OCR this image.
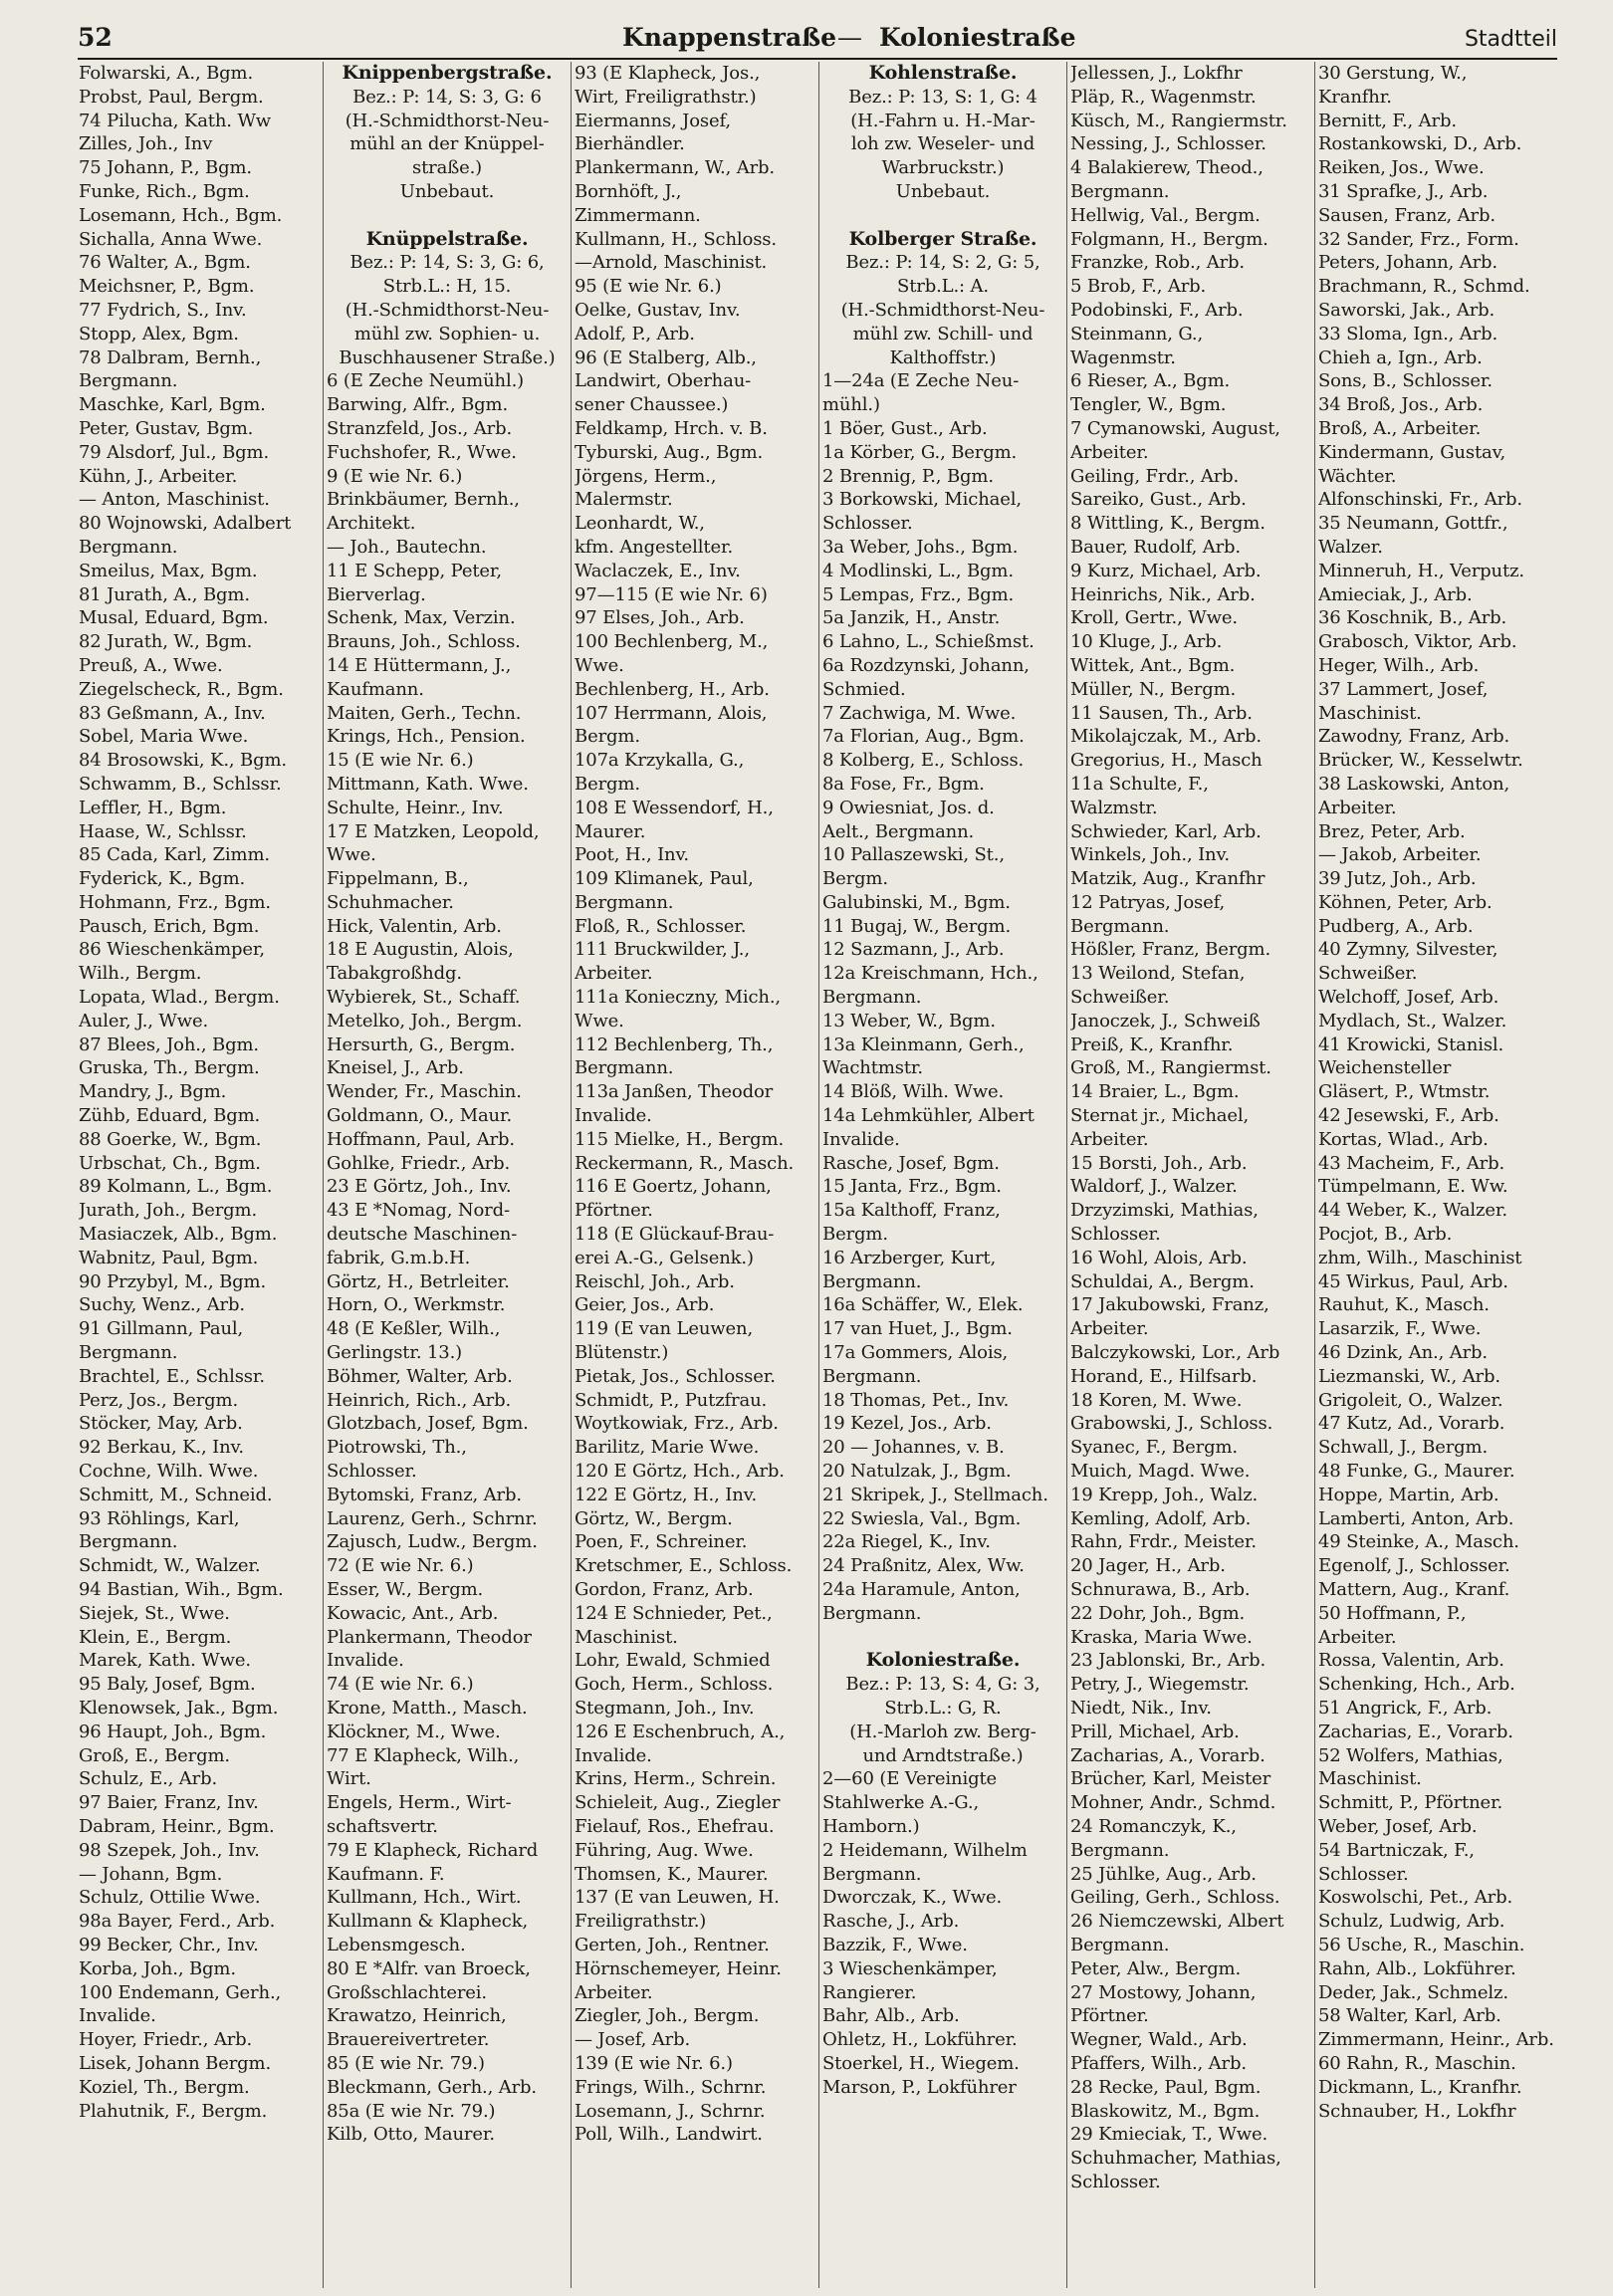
52	Knappenstraße — Koloniestraße	Stadtteil
Folwarski, A., Bgm.
Probst, Paul, Bergm.
74 Pilucha, Kath. Ww
Zilles, Joh., Inv
75 Johann, P., Bgm.
Funke, Rich., Bgm.
Losemann, Hch., Bgm.
Sichalla, Anna Wwe.
76 Walter, A., Bgm.
Meichsner, P., Bgm.
77 Fydrich, S., Inv.
Stopp, Alex, Bgm.
78 Dalbram, Bernh.,
Bergmann.
Maschke, Karl, Bgm.
Peter, Gustav, Bgm.
79 Alsdorf, Jul., Bgm.
Kühn, J., Arbeiter.
— Anton, Maschinist.
80 Wojnowski, Adalbert
Bergmann.
Smeilus, Max, Bgm.
81 Jurath, A., Bgm.
Musal, Eduard, Bgm.
82 Jurath, W., Bgm.
Preuß, A., Wwe.
Ziegelscheck, R., Bgm.
83 Geßmann, A., Inv.
Sobel, Maria Wwe.
84 Brosowski, K., Bgm.
Schwamm, B., Schlssr.
Leffler, H., Bgm.
Haase, W., Schlssr.
85 Cada, Karl, Zimm.
Fyderick, K., Bgm.
Hohmann, Frz., Bgm.
Pausch, Erich, Bgm.
86 Wieschenkämper,
Wilh., Bergm.
Lopata, Wlad., Bergm.
Auler, J., Wwe.
87 Blees, Joh., Bgm.
Gruska, Th., Bergm.
Mandry, J., Bgm.
Zühb, Eduard, Bgm.
88 Goerke, W., Bgm.
Urbschat, Ch., Bgm.
89 Kolmann, L., Bgm.
Jurath, Joh., Bergm.
Masiaczek, Alb., Bgm.
Wabnitz, Paul, Bgm.
90 Przybyl, M., Bgm.
Suchy, Wenz., Arb.
91 Gillmann, Paul,
Bergmann.
Brachtel, E., Schlssr.
Perz, Jos., Bergm.
Stöcker, May, Arb.
92 Berkau, K., Inv.
Cochne, Wilh. Wwe.
Schmitt, M., Schneid.
93 Röhlings, Karl,
Bergmann.
Schmidt, W., Walzer.
94 Bastian, Wih., Bgm.
Siejek, St., Wwe.
Klein, E., Bergm.
Marek, Kath. Wwe.
95 Baly, Josef, Bgm.
Klenowsek, Jak., Bgm.
96 Haupt, Joh., Bgm.
Groß, E., Bergm.
Schulz, E., Arb.
97 Baier, Franz, Inv.
Dabram, Heinr., Bgm.
98 Szepek, Joh., Inv.
— Johann, Bgm.
Schulz, Ottilie Wwe.
98a Bayer, Ferd., Arb.
99 Becker, Chr., Inv.
Korba, Joh., Bgm.
100 Endemann, Gerh.,
Invalide.
Hoyer, Friedr., Arb.
Lisek, Johann Bergm.
Koziel, Th., Bergm.
Plahutnik, F., Bergm.
Knippenbergstraße.
Bez.: P: 14, S: 3, G: 6
(H.-Schmidthorst-Neu-
mühl an der Knüppel-
straße.)
Unbebaut.
Knüppelstraße.
Bez.: P: 14, S: 3, G: 6,
Strb.L.: H, 15.
(H.-Schmidthorst-Neu-
mühl zw. Sophien- u.
Buschhausener Straße.)
6 (E Zeche Neumühl.)
Barwing, Alfr., Bgm.
Stranzfeld, Jos., Arb.
Fuchshofer, R., Wwe.
9 (E wie Nr. 6.)
Brinkbäumer, Bernh.,
Architekt.
— Joh., Bautechn.
11 E Schepp, Peter,
Bierverlag.
Schenk, Max, Verzin.
Brauns, Joh., Schloss.
14 E Hüttermann, J.,
Kaufmann.
Maiten, Gerh., Techn.
Krings, Hch., Pension.
15 (E wie Nr. 6.)
Mittmann, Kath. Wwe.
Schulte, Heinr., Inv.
17 E Matzken, Leopold,
Wwe.
Fippelmann, B.,
Schuhmacher.
Hick, Valentin, Arb.
18 E Augustin, Alois,
Tabakgroßhdg.
Wybierek, St., Schaff.
Metelko, Joh., Bergm.
Hersurth, G., Bergm.
Kneisel, J., Arb.
Wender, Fr., Maschin.
Goldmann, O., Maur.
Hoffmann, Paul, Arb.
Gohlke, Friedr., Arb.
23 E Görtz, Joh., Inv.
43 E *Nomag, Nord-
deutsche Maschinen-
fabrik, G.m.b.H.
Görtz, H., Betrleiter.
Horn, O., Werkmstr.
48 (E Keßler, Wilh.,
Gerlingstr. 13.)
Böhmer, Walter, Arb.
Heinrich, Rich., Arb.
Glotzbach, Josef, Bgm.
Piotrowski, Th.,
Schlosser.
Bytomski, Franz, Arb.
Laurenz, Gerh., Schrnr.
Zajusch, Ludw., Bergm.
72 (E wie Nr. 6.)
Esser, W., Bergm.
Kowacic, Ant., Arb.
Plankermann, Theodor
Invalide.
74 (E wie Nr. 6.)
Krone, Matth., Masch.
Klöckner, M., Wwe.
77 E Klapheck, Wilh.,
Wirt.
Engels, Herm., Wirt-
schaftsvertr.
79 E Klapheck, Richard
Kaufmann. F.
Kullmann, Hch., Wirt.
Kullmann & Klapheck,
Lebensmgesch.
80 E *Alfr. van Broeck,
Großschlachterei.
Krawatzo, Heinrich,
Brauereivertreter.
85 (E wie Nr. 79.)
Bleckmann, Gerh., Arb.
85a (E wie Nr. 79.)
Kilb, Otto, Maurer.
93 (E Klapheck, Jos.,
Wirt, Freiligrathstr.)
Eiermanns, Josef,
Bierhändler.
Plankermann, W., Arb.
Bornhöft, J.,
Zimmermann.
Kullmann, H., Schloss.
—Arnold, Maschinist.
95 (E wie Nr. 6.)
Oelke, Gustav, Inv.
Adolf, P., Arb.
96 (E Stalberg, Alb.,
Landwirt, Oberhau-
sener Chaussee.)
Feldkamp, Hrch. v. B.
Tyburski, Aug., Bgm.
Jörgens, Herm.,
Malermstr.
Leonhardt, W.,
kfm. Angestellter.
Waclaczek, E., Inv.
97—115 (E wie Nr. 6)
97 Elses, Joh., Arb.
100 Bechlenberg, M.,
Wwe.
Bechlenberg, H., Arb.
107 Herrmann, Alois,
Bergm.
107a Krzykalla, G.,
Bergm.
108 E Wessendorf, H.,
Maurer.
Poot, H., Inv.
109 Klimanek, Paul,
Bergmann.
Floß, R., Schlosser.
111 Bruckwilder, J.,
Arbeiter.
111a Konieczny, Mich.,
Wwe.
112 Bechlenberg, Th.,
Bergmann.
113a Janßen, Theodor
Invalide.
115 Mielke, H., Bergm.
Reckermann, R., Masch.
116 E Goertz, Johann,
Pförtner.
118 (E Glückauf-Brau-
erei A.-G., Gelsenk.)
Reischl, Joh., Arb.
Geier, Jos., Arb.
119 (E van Leuwen,
Blütenstr.)
Pietak, Jos., Schlosser.
Schmidt, P., Putzfrau.
Woytkowiak, Frz., Arb.
Barilitz, Marie Wwe.
120 E Görtz, Hch., Arb.
122 E Görtz, H., Inv.
Görtz, W., Bergm.
Poen, F., Schreiner.
Kretschmer, E., Schloss.
Gordon, Franz, Arb.
124 E Schnieder, Pet.,
Maschinist.
Lohr, Ewald, Schmied
Goch, Herm., Schloss.
Stegmann, Joh., Inv.
126 E Eschenbruch, A.,
Invalide.
Krins, Herm., Schrein.
Schieleit, Aug., Ziegler
Fielauf, Ros., Ehefrau.
Führing, Aug. Wwe.
Thomsen, K., Maurer.
137 (E van Leuwen, H.
Freiligrathstr.)
Gerten, Joh., Rentner.
Hörnschemeyer, Heinr.
Arbeiter.
Ziegler, Joh., Bergm.
— Josef, Arb.
139 (E wie Nr. 6.)
Frings, Wilh., Schrnr.
Losemann, J., Schrnr.
Poll, Wilh., Landwirt.
Kohlenstraße.
Bez.: P: 13, S: 1, G: 4
(H.-Fahrn u. H.-Mar-
loh zw. Weseler- und
Warbruckstr.)
Unbebaut.
Kolberger Straße.
Bez.: P: 14, S: 2, G: 5,
Strb.L.: A.
(H.-Schmidthorst-Neu-
mühl zw. Schill- und
Kalthoffstr.)
1—24a (E Zeche Neu-
mühl.)
1 Böer, Gust., Arb.
1a Körber, G., Bergm.
2 Brennig, P., Bgm.
3 Borkowski, Michael,
Schlosser.
3a Weber, Johs., Bgm.
4 Modlinski, L., Bgm.
5 Lempas, Frz., Bgm.
5a Janzik, H., Anstr.
6 Lahno, L., Schießmst.
6a Rozdzynski, Johann,
Schmied.
7 Zachwiga, M. Wwe.
7a Florian, Aug., Bgm.
8 Kolberg, E., Schloss.
8a Fose, Fr., Bgm.
9 Owiesniat, Jos. d.
Aelt., Bergmann.
10 Pallaszewski, St.,
Bergm.
Galubinski, M., Bgm.
11 Bugaj, W., Bergm.
12 Sazmann, J., Arb.
12a Kreischmann, Hch.,
Bergmann.
13 Weber, W., Bgm.
13a Kleinmann, Gerh.,
Wachtmstr.
14 Blöß, Wilh. Wwe.
14a Lehmkühler, Albert
Invalide.
Rasche, Josef, Bgm.
15 Janta, Frz., Bgm.
15a Kalthoff, Franz,
Bergm.
16 Arzberger, Kurt,
Bergmann.
16a Schäffer, W., Elek.
17 van Huet, J., Bgm.
17a Gommers, Alois,
Bergmann.
18 Thomas, Pet., Inv.
19 Kezel, Jos., Arb.
20 — Johannes, v. B.
20 Natulzak, J., Bgm.
21 Skripek, J., Stellmach.
22 Swiesla, Val., Bgm.
22a Riegel, K., Inv.
24 Praßnitz, Alex, Ww.
24a Haramule, Anton,
Bergmann.
Koloniestraße.
Bez.: P: 13, S: 4, G: 3,
Strb.L.: G, R.
(H.-Marloh zw. Berg-
und Arndtstraße.)
2—60 (E Vereinigte
Stahlwerke A.-G.,
Hamborn.)
2 Heidemann, Wilhelm
Bergmann.
Dworczak, K., Wwe.
Rasche, J., Arb.
Bazzik, F., Wwe.
3 Wieschenkämper,
Rangierer.
Bahr, Alb., Arb.
Ohletz, H., Lokführer.
Stoerkel, H., Wiegem.
Marson, P., Lokführer
Jellessen, J., Lokfhr
Pläp, R., Wagenmstr.
Küsch, M., Rangiermstr.
Nessing, J., Schlosser.
4 Balakierew, Theod.,
Bergmann.
Hellwig, Val., Bergm.
Folgmann, H., Bergm.
Franzke, Rob., Arb.
5 Brob, F., Arb.
Podobinski, F., Arb.
Steinmann, G.,
Wagenmstr.
6 Rieser, A., Bgm.
Tengler, W., Bgm.
7 Cymanowski, August,
Arbeiter.
Geiling, Frdr., Arb.
Sareiko, Gust., Arb.
8 Wittling, K., Bergm.
Bauer, Rudolf, Arb.
9 Kurz, Michael, Arb.
Heinrichs, Nik., Arb.
Kroll, Gertr., Wwe.
10 Kluge, J., Arb.
Wittek, Ant., Bgm.
Müller, N., Bergm.
11 Sausen, Th., Arb.
Mikolajczak, M., Arb.
Gregorius, H., Masch
11a Schulte, F.,
Walzmstr.
Schwieder, Karl, Arb.
Winkels, Joh., Inv.
Matzik, Aug., Kranfhr
12 Patryas, Josef,
Bergmann.
Hößler, Franz, Bergm.
13 Weilond, Stefan,
Schweißer.
Janoczek, J., Schweiß
Preiß, K., Kranfhr.
Groß, M., Rangiermst.
14 Braier, L., Bgm.
Sternat jr., Michael,
Arbeiter.
15 Borsti, Joh., Arb.
Waldorf, J., Walzer.
Drzyzimski, Mathias,
Schlosser.
16 Wohl, Alois, Arb.
Schuldai, A., Bergm.
17 Jakubowski, Franz,
Arbeiter.
Balczykowski, Lor., Arb
Horand, E., Hilfsarb.
18 Koren, M. Wwe.
Grabowski, J., Schloss.
Syanec, F., Bergm.
Muich, Magd. Wwe.
19 Krepp, Joh., Walz.
Kemling, Adolf, Arb.
Rahn, Frdr., Meister.
20 Jager, H., Arb.
Schnurawa, B., Arb.
22 Dohr, Joh., Bgm.
Kraska, Maria Wwe.
23 Jablonski, Br., Arb.
Petry, J., Wiegemstr.
Niedt, Nik., Inv.
Prill, Michael, Arb.
Zacharias, A., Vorarb.
Brücher, Karl, Meister
Mohner, Andr., Schmd.
24 Romanczyk, K.,
Bergmann.
25 Jühlke, Aug., Arb.
Geiling, Gerh., Schloss.
26 Niemczewski, Albert
Bergmann.
Peter, Alw., Bergm.
27 Mostowy, Johann,
Pförtner.
Wegner, Wald., Arb.
Pfaffers, Wilh., Arb.
28 Recke, Paul, Bgm.
Blaskowitz, M., Bgm.
29 Kmieciak, T., Wwe.
Schuhmacher, Mathias,
Schlosser.
30 Gerstung, W.,
Kranfhr.
Bernitt, F., Arb.
Rostankowski, D., Arb.
Reiken, Jos., Wwe.
31 Sprafke, J., Arb.
Sausen, Franz, Arb.
32 Sander, Frz., Form.
Peters, Johann, Arb.
Brachmann, R., Schmd.
Saworski, Jak., Arb.
33 Sloma, Ign., Arb.
Chieh a, Ign., Arb.
Sons, B., Schlosser.
34 Broß, Jos., Arb.
Broß, A., Arbeiter.
Kindermann, Gustav,
Wächter.
Alfonschinski, Fr., Arb.
35 Neumann, Gottfr.,
Walzer.
Minneruh, H., Verputz.
Amieciak, J., Arb.
36 Koschnik, B., Arb.
Grabosch, Viktor, Arb.
Heger, Wilh., Arb.
37 Lammert, Josef,
Maschinist.
Zawodny, Franz, Arb.
Brücker, W., Kesselwtr.
38 Laskowski, Anton,
Arbeiter.
Brez, Peter, Arb.
— Jakob, Arbeiter.
39 Jutz, Joh., Arb.
Köhnen, Peter, Arb.
Pudberg, A., Arb.
40 Zymny, Silvester,
Schweißer.
Welchoff, Josef, Arb.
Mydlach, St., Walzer.
41 Krowicki, Stanisl.
Weichensteller
Gläsert, P., Wtmstr.
42 Jesewski, F., Arb.
Kortas, Wlad., Arb.
43 Macheim, F., Arb.
Tümpelmann, E. Ww.
44 Weber, K., Walzer.
Pocjot, B., Arb.
zhm, Wilh., Maschinist
45 Wirkus, Paul, Arb.
Rauhut, K., Masch.
Lasarzik, F., Wwe.
46 Dzink, An., Arb.
Liezmanski, W., Arb.
Grigoleit, O., Walzer.
47 Kutz, Ad., Vorarb.
Schwall, J., Bergm.
48 Funke, G., Maurer.
Hoppe, Martin, Arb.
Lamberti, Anton, Arb.
49 Steinke, A., Masch.
Egenolf, J., Schlosser.
Mattern, Aug., Kranf.
50 Hoffmann, P.,
Arbeiter.
Rossa, Valentin, Arb.
Schenking, Hch., Arb.
51 Angrick, F., Arb.
Zacharias, E., Vorarb.
52 Wolfers, Mathias,
Maschinist.
Schmitt, P., Pförtner.
Weber, Josef, Arb.
54 Bartniczak, F.,
Schlosser.
Koswolschi, Pet., Arb.
Schulz, Ludwig, Arb.
56 Usche, R., Maschin.
Rahn, Alb., Lokführer.
Deder, Jak., Schmelz.
58 Walter, Karl, Arb.
Zimmermann, Heinr., Arb.
60 Rahn, R., Maschin.
Dickmann, L., Kranfhr.
Schnauber, H., Lokfhr
